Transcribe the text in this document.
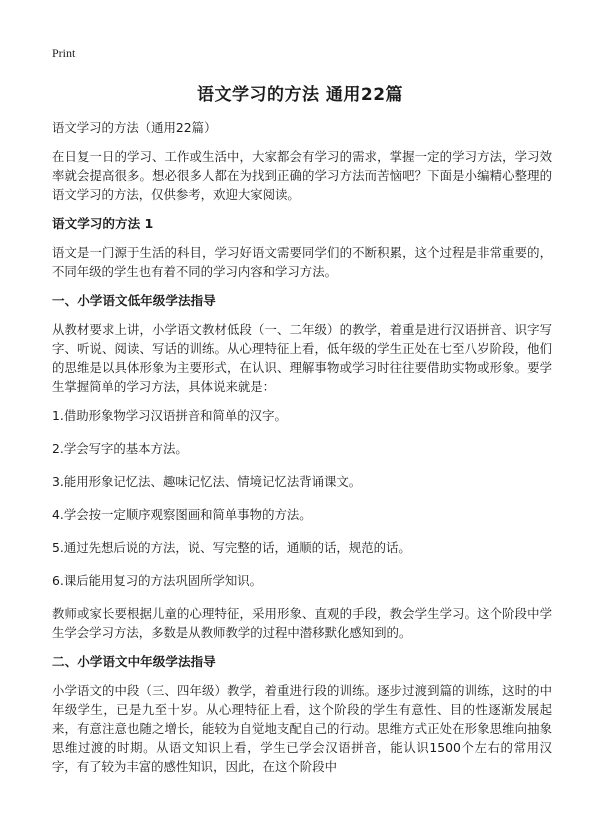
Print
语文学习的方法 通用22篇

语文学习的方法（通用22篇）

在日复一日的学习、工作或生活中，大家都会有学习的需求，掌握一定的学习方法，学习效率就会提高很多。想必很多人都在为找到正确的学习方法而苦恼吧？下面是小编精心整理的语文学习的方法，仅供参考，欢迎大家阅读。

语文学习的方法 1

语文是一门源于生活的科目，学习好语文需要同学们的不断积累，这个过程是非常重要的，不同年级的学生也有着不同的学习内容和学习方法。

一、小学语文低年级学法指导

从教材要求上讲，小学语文教材低段（一、二年级）的教学，着重是进行汉语拼音、识字写字、听说、阅读、写话的训练。从心理特征上看，低年级的学生正处在七至八岁阶段，他们的思维是以具体形象为主要形式，在认识、理解事物或学习时往往要借助实物或形象。要学生掌握简单的学习方法，具体说来就是：

1.借助形象物学习汉语拼音和简单的汉字。
2.学会写字的基本方法。
3.能用形象记忆法、趣味记忆法、情境记忆法背诵课文。
4.学会按一定顺序观察图画和简单事物的方法。
5.通过先想后说的方法，说、写完整的话，通顺的话，规范的话。
6.课后能用复习的方法巩固所学知识。

教师或家长要根据儿童的心理特征，采用形象、直观的手段，教会学生学习。这个阶段中学生学会学习方法，多数是从教师教学的过程中潜移默化感知到的。

二、小学语文中年级学法指导

小学语文的中段（三、四年级）教学，着重进行段的训练。逐步过渡到篇的训练，这时的中年级学生，已是九至十岁。从心理特征上看，这个阶段的学生有意性、目的性逐渐发展起来，有意注意也随之增长，能较为自觉地支配自己的行动。思维方式正处在形象思维向抽象思维过渡的时期。从语文知识上看，学生已学会汉语拼音，能认识1500个左右的常用汉字，有了较为丰富的感性知识，因此，在这个阶段中
